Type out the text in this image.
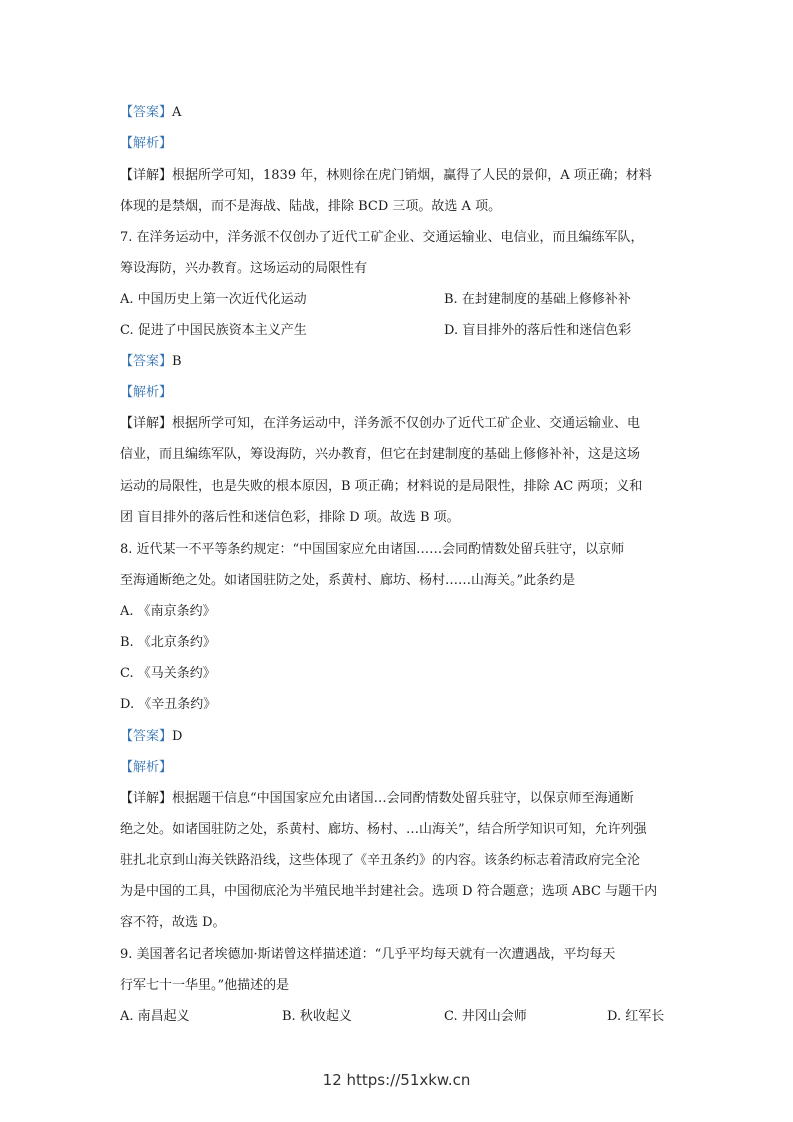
【答案】A
【解析】
【详解】根据所学可知，1839 年，林则徐在虎门销烟，赢得了人民的景仰，A 项正确；材料
体现的是禁烟，而不是海战、陆战，排除 BCD 三项。故选 A 项。
7. 在洋务运动中，洋务派不仅创办了近代工矿企业、交通运输业、电信业，而且编练军队，
筹设海防，兴办教育。这场运动的局限性有
A. 中国历史上第一次近代化运动	B. 在封建制度的基础上修修补补
C. 促进了中国民族资本主义产生	D. 盲目排外的落后性和迷信色彩
【答案】B
【解析】
【详解】根据所学可知，在洋务运动中，洋务派不仅创办了近代工矿企业、交通运输业、电
信业，而且编练军队，筹设海防，兴办教育，但它在封建制度的基础上修修补补，这是这场
运动的局限性，也是失败的根本原因，B 项正确；材料说的是局限性，排除 AC 两项；义和
团 盲目排外的落后性和迷信色彩，排除 D 项。故选 B 项。
8. 近代某一不平等条约规定：“中国国家应允由诸国……会同酌情数处留兵驻守，以京师
至海通断绝之处。如诸国驻防之处，系黄村、廊坊、杨村……山海关。”此条约是
A. 《南京条约》
B. 《北京条约》
C. 《马关条约》
D. 《辛丑条约》
【答案】D
【解析】
【详解】根据题干信息“中国国家应允由诸国…会同酌情数处留兵驻守，以保京师至海通断
绝之处。如诸国驻防之处，系黄村、廊坊、杨村、…山海关”，结合所学知识可知，允许列强
驻扎北京到山海关铁路沿线，这些体现了《辛丑条约》的内容。该条约标志着清政府完全沦
为是中国的工具，中国彻底沦为半殖民地半封建社会。选项 D 符合题意；选项 ABC 与题干内
容不符，故选 D。
9. 美国著名记者埃德加·斯诺曾这样描述道：“几乎平均每天就有一次遭遇战，平均每天
行军七十一华里。”他描述的是
A. 南昌起义	B. 秋收起义	C. 井冈山会师	D. 红军长
12 https://51xkw.cn
